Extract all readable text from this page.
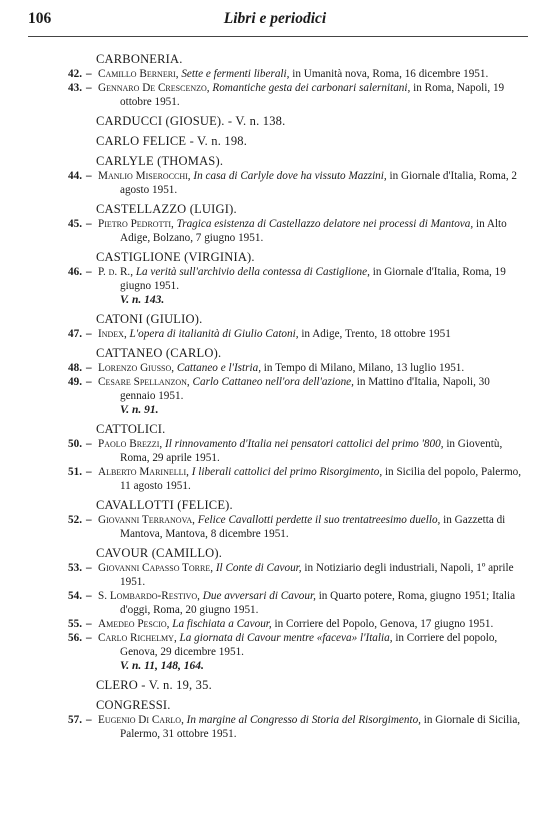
106	Libri e periodici
CARBONERIA.
42. – Camillo Berneri, Sette e fermenti liberali, in Umanità nova, Roma, 16 dicembre 1951.
43. – Gennaro De Crescenzo, Romantiche gesta dei carbonari salernitani, in Roma, Napoli, 19 ottobre 1951.
CARDUCCI (GIOSUE). - V. n. 138.
CARLO FELICE - V. n. 198.
CARLYLE (THOMAS).
44. – Manlio Miserocchi, In casa di Carlyle dove ha vissuto Mazzini, in Giornale d'Italia, Roma, 2 agosto 1951.
CASTELLAZZO (LUIGI).
45. – Pietro Pedrotti, Tragica esistenza di Castellazzo delatore nei processi di Mantova, in Alto Adige, Bolzano, 7 giugno 1951.
CASTIGLIONE (VIRGINIA).
46. – P. d. R., La verità sull'archivio della contessa di Castiglione, in Giornale d'Italia, Roma, 19 giugno 1951.
V. n. 143.
CATONI (GIULIO).
47. – Index, L'opera di italianità di Giulio Catoni, in Adige, Trento, 18 ottobre 1951
CATTANEO (CARLO).
48. – Lorenzo Giusso, Cattaneo e l'Istria, in Tempo di Milano, Milano, 13 luglio 1951.
49. – Cesare Spellanzon, Carlo Cattaneo nell'ora dell'azione, in Mattino d'Italia, Napoli, 30 gennaio 1951.
V. n. 91.
CATTOLICI.
50. – Paolo Brezzi, Il rinnovamento d'Italia nei pensatori cattolici del primo '800, in Gioventù, Roma, 29 aprile 1951.
51. – Alberto Marinelli, I liberali cattolici del primo Risorgimento, in Sicilia del popolo, Palermo, 11 agosto 1951.
CAVALLOTTI (FELICE).
52. – Giovanni Terranova, Felice Cavallotti perdette il suo trentatreesimo duello, in Gazzetta di Mantova, Mantova, 8 dicembre 1951.
CAVOUR (CAMILLO).
53. – Giovanni Capasso Torre, Il Conte di Cavour, in Notiziario degli industriali, Napoli, 1º aprile 1951.
54. – S. Lombardo-Restivo, Due avversari di Cavour, in Quarto potere, Roma, giugno 1951; Italia d'oggi, Roma, 20 giugno 1951.
55. – Amedeo Pescio, La fischiata a Cavour, in Corriere del Popolo, Genova, 17 giugno 1951.
56. – Carlo Richelmy, La giornata di Cavour mentre «faceva» l'Italia, in Corriere del popolo, Genova, 29 dicembre 1951.
V. n. 11, 148, 164.
CLERO - V. n. 19, 35.
CONGRESSI.
57. – Eugenio Di Carlo, In margine al Congresso di Storia del Risorgimento, in Giornale di Sicilia, Palermo, 31 ottobre 1951.
